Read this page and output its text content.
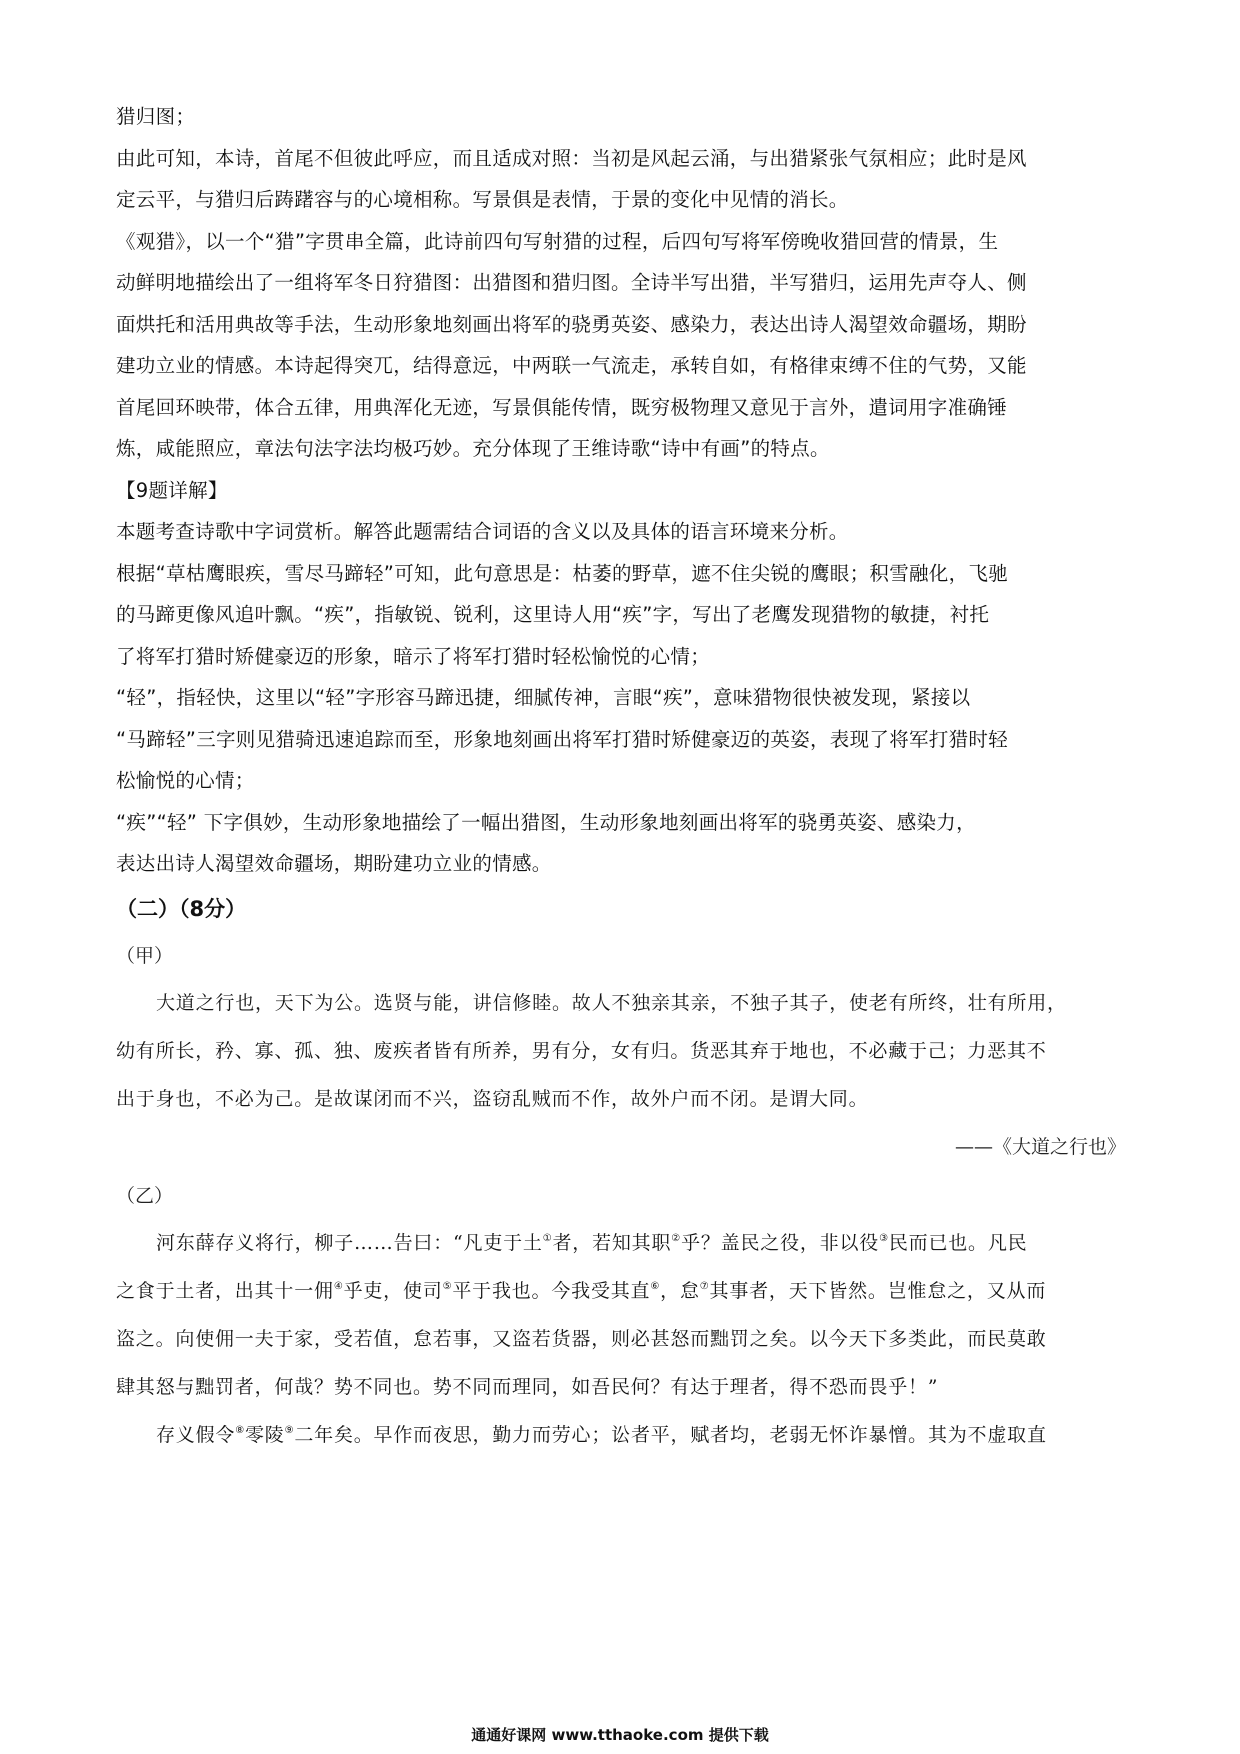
猎归图；

由此可知，本诗，首尾不但彼此呼应，而且适成对照：当初是风起云涌，与出猎紧张气氛相应；此时是风

定云平，与猎归后踌躇容与的心境相称。写景俱是表情，于景的变化中见情的消长。

《观猎》，以一个“猎”字贯串全篇，此诗前四句写射猎的过程，后四句写将军傍晚收猎回营的情景，生

动鲜明地描绘出了一组将军冬日狩猎图：出猎图和猎归图。全诗半写出猎，半写猎归，运用先声夺人、侧

面烘托和活用典故等手法，生动形象地刻画出将军的骁勇英姿、感染力，表达出诗人渴望效命疆场，期盼

建功立业的情感。本诗起得突兀，结得意远，中两联一气流走，承转自如，有格律束缚不住的气势，又能

首尾回环映带，体合五律，用典浑化无迹，写景俱能传情，既穷极物理又意见于言外，遣词用字准确锤

炼，咸能照应，章法句法字法均极巧妙。充分体现了王维诗歌“诗中有画”的特点。

【9题详解】

本题考查诗歌中字词赏析。解答此题需结合词语的含义以及具体的语言环境来分析。

根据“草枯鹰眼疾，雪尽马蹄轻”可知，此句意思是：枯萎的野草，遮不住尖锐的鹰眼；积雪融化，飞驰

的马蹄更像风追叶飘。“疾”，指敏锐、锐利，这里诗人用“疾”字，写出了老鹰发现猎物的敏捷，衬托

了将军打猎时矫健豪迈的形象，暗示了将军打猎时轻松愉悦的心情；

“轻”，指轻快，这里以“轻”字形容马蹄迅捷，细腻传神，言眼“疾”，意味猎物很快被发现，紧接以

“马蹄轻”三字则见猎骑迅速追踪而至，形象地刻画出将军打猎时矫健豪迈的英姿，表现了将军打猎时轻

松愉悦的心情；

“疾”“轻” 下字俱妙，生动形象地描绘了一幅出猎图，生动形象地刻画出将军的骁勇英姿、感染力，

表达出诗人渴望效命疆场，期盼建功立业的情感。

（二）（8分）

（甲）

大道之行也，天下为公。选贤与能，讲信修睦。故人不独亲其亲，不独子其子，使老有所终，壮有所用，

幼有所长，矜、寡、孤、独、废疾者皆有所养，男有分，女有归。货恶其弃于地也，不必藏于己；力恶其不

出于身也，不必为己。是故谋闭而不兴，盗窃乱贼而不作，故外户而不闭。是谓大同。

——《大道之行也》

（乙）

河东薛存义将行，柳子……告曰：“凡吏于土①者，若知其职②乎？盖民之役，非以役③民而已也。凡民

之食于土者，出其十一佣④乎吏，使司⑤平于我也。今我受其直⑥，怠⑦其事者，天下皆然。岂惟怠之，又从而

盗之。向使佣一夫于家，受若值，怠若事，又盗若货器，则必甚怒而黜罚之矣。以今天下多类此，而民莫敢

肆其怒与黜罚者，何哉？势不同也。势不同而理同，如吾民何？有达于理者，得不恐而畏乎！”

存义假令⑧零陵⑨二年矣。早作而夜思，勤力而劳心；讼者平，赋者均，老弱无怀诈暴憎。其为不虚取直

通通好课网 www.tthaoke.com 提供下载
